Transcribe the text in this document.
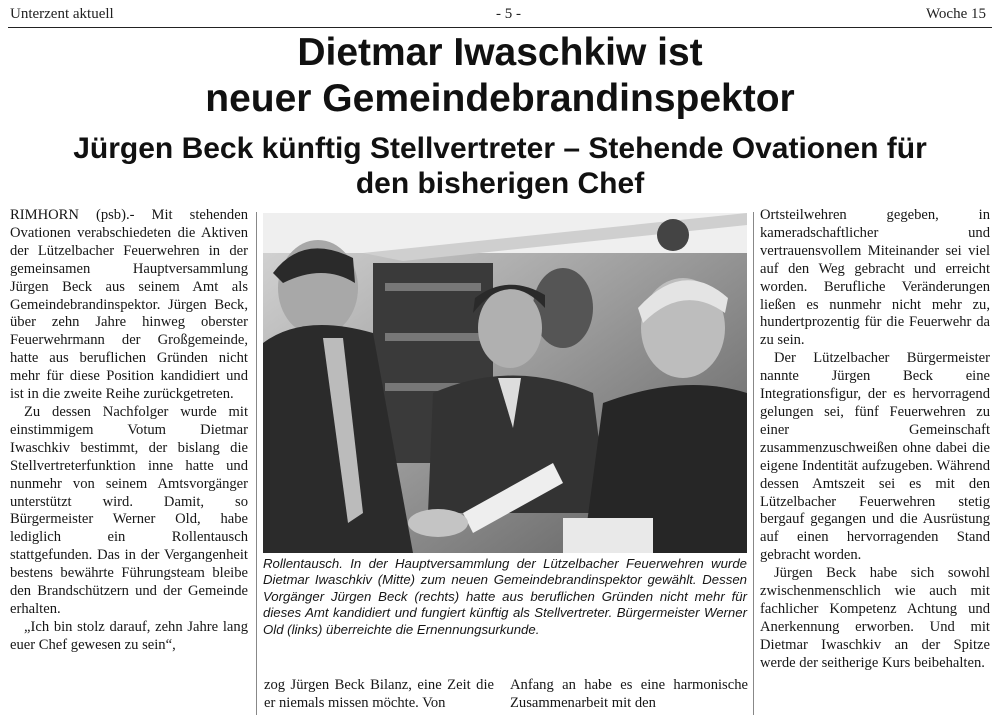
Unterzent aktuell	- 5 -	Woche 15
Dietmar Iwaschkiw ist
neuer Gemeindebrandinspektor
Jürgen Beck künftig Stellvertreter – Stehende Ovationen für
den bisherigen Chef

RIMHORN (psb).- Mit stehenden Ovationen verabschiedeten die Aktiven der Lützelbacher Feuerwehren in der gemeinsamen Hauptversammlung Jürgen Beck aus seinem Amt als Gemeindebrandinspektor. Jürgen Beck, über zehn Jahre hinweg oberster Feuerwehrmann der Großgemeinde, hatte aus beruflichen Gründen nicht mehr für diese Position kandidiert und ist in die zweite Reihe zurückgetreten.

Zu dessen Nachfolger wurde mit einstimmigem Votum Dietmar Iwaschkiv bestimmt, der bislang die Stellvertreterfunktion inne hatte und nunmehr von seinem Amtsvorgänger unterstützt wird. Damit, so Bürgermeister Werner Old, habe lediglich ein Rollentausch stattgefunden. Das in der Vergangenheit bestens bewährte Führungsteam bleibe den Brandschützern und der Gemeinde erhalten.

„Ich bin stolz darauf, zehn Jahre lang euer Chef gewesen zu sein“,

Rollentausch. In der Hauptversammlung der Lützelbacher Feuerwehren wurde Dietmar Iwaschkiv (Mitte) zum neuen Gemeindebrandinspektor gewählt. Dessen Vorgänger Jürgen Beck (rechts) hatte aus beruflichen Gründen nicht mehr für dieses Amt kandidiert und fungiert künftig als Stellvertreter. Bürgermeister Werner Old (links) überreichte die Ernennungsurkunde.

zog Jürgen Beck Bilanz, eine Zeit die er niemals missen möchte. Von

Anfang an habe es eine harmonische Zusammenarbeit mit den

Ortsteilwehren gegeben, in kameradschaftlicher und vertrauensvollem Miteinander sei viel auf den Weg gebracht und erreicht worden. Berufliche Veränderungen ließen es nunmehr nicht mehr zu, hundertprozentig für die Feuerwehr da zu sein.

Der Lützelbacher Bürgermeister nannte Jürgen Beck eine Integrationsfigur, der es hervorragend gelungen sei, fünf Feuerwehren zu einer Gemeinschaft zusammenzuschweißen ohne dabei die eigene Indentität aufzugeben. Während dessen Amtszeit sei es mit den Lützelbacher Feuerwehren stetig bergauf gegangen und die Ausrüstung auf einen hervorragenden Stand gebracht worden.

Jürgen Beck habe sich sowohl zwischenmenschlich wie auch mit fachlicher Kompetenz Achtung und Anerkennung erworben. Und mit Dietmar Iwaschkiv an der Spitze werde der seitherige Kurs beibehalten.
